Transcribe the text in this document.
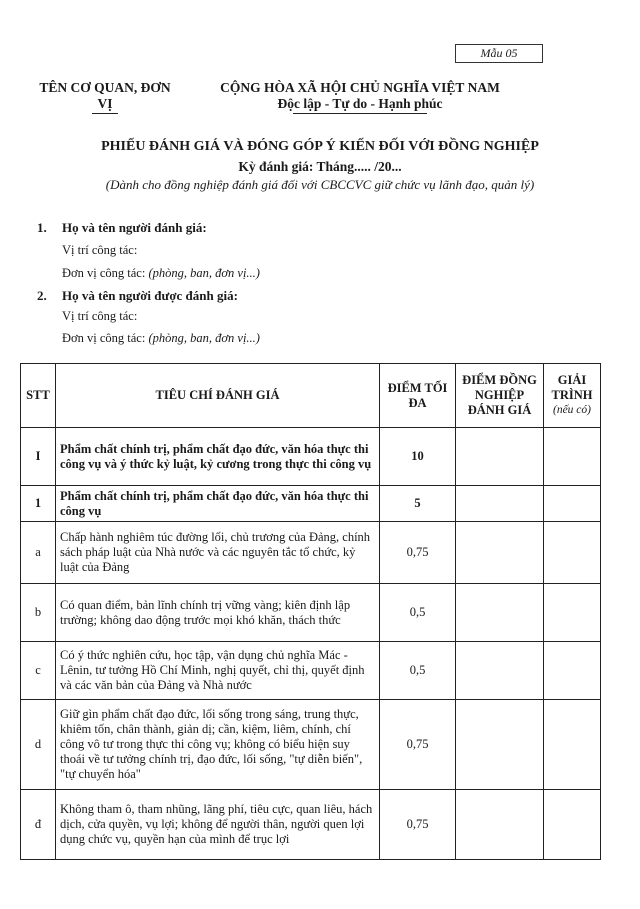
Mẫu 05
TÊN CƠ QUAN, ĐƠN
VỊ
CỘNG HÒA XÃ HỘI CHỦ NGHĨA VIỆT NAM
Độc lập - Tự do - Hạnh phúc
PHIẾU ĐÁNH GIÁ VÀ ĐÓNG GÓP Ý KIẾN ĐỐI VỚI ĐỒNG NGHIỆP
Kỳ đánh giá: Tháng..... /20...
(Dành cho đồng nghiệp đánh giá đối với CBCCVC giữ chức vụ lãnh đạo, quản lý)
1. Họ và tên người đánh giá:
Vị trí công tác:
Đơn vị công tác: (phòng, ban, đơn vị...)
2. Họ và tên người được đánh giá:
Vị trí công tác:
Đơn vị công tác: (phòng, ban, đơn vị...)
STT	TIÊU CHÍ ĐÁNH GIÁ	ĐIỂM TỐI ĐA	ĐIỂM ĐỒNG NGHIỆP ĐÁNH GIÁ	GIẢI TRÌNH
(nếu có)

I	Phẩm chất chính trị, phẩm chất đạo đức, văn hóa thực thi công vụ và ý thức kỷ luật, kỷ cương trong thực thi công vụ	10		
1	Phẩm chất chính trị, phẩm chất đạo đức, văn hóa thực thi công vụ	5		
a	Chấp hành nghiêm túc đường lối, chủ trương của Đảng, chính sách pháp luật của Nhà nước và các nguyên tắc tổ chức, kỷ luật của Đảng	0,75		
b	Có quan điểm, bản lĩnh chính trị vững vàng; kiên định lập trường; không dao động trước mọi khó khăn, thách thức	0,5		
c	Có ý thức nghiên cứu, học tập, vận dụng chủ nghĩa Mác - Lênin, tư tưởng Hồ Chí Minh, nghị quyết, chỉ thị, quyết định và các văn bản của Đảng và Nhà nước	0,5		
d	Giữ gìn phẩm chất đạo đức, lối sống trong sáng, trung thực, khiêm tốn, chân thành, giản dị; cần, kiệm, liêm, chính, chí công vô tư trong thực thi công vụ; không có biểu hiện suy thoái về tư tưởng chính trị, đạo đức, lối sống, "tự diễn biến", "tự chuyển hóa"	0,75		
đ	Không tham ô, tham nhũng, lãng phí, tiêu cực, quan liêu, hách dịch, cửa quyền, vụ lợi; không để người thân, người quen lợi dụng chức vụ, quyền hạn của mình để trục lợi	0,75		
